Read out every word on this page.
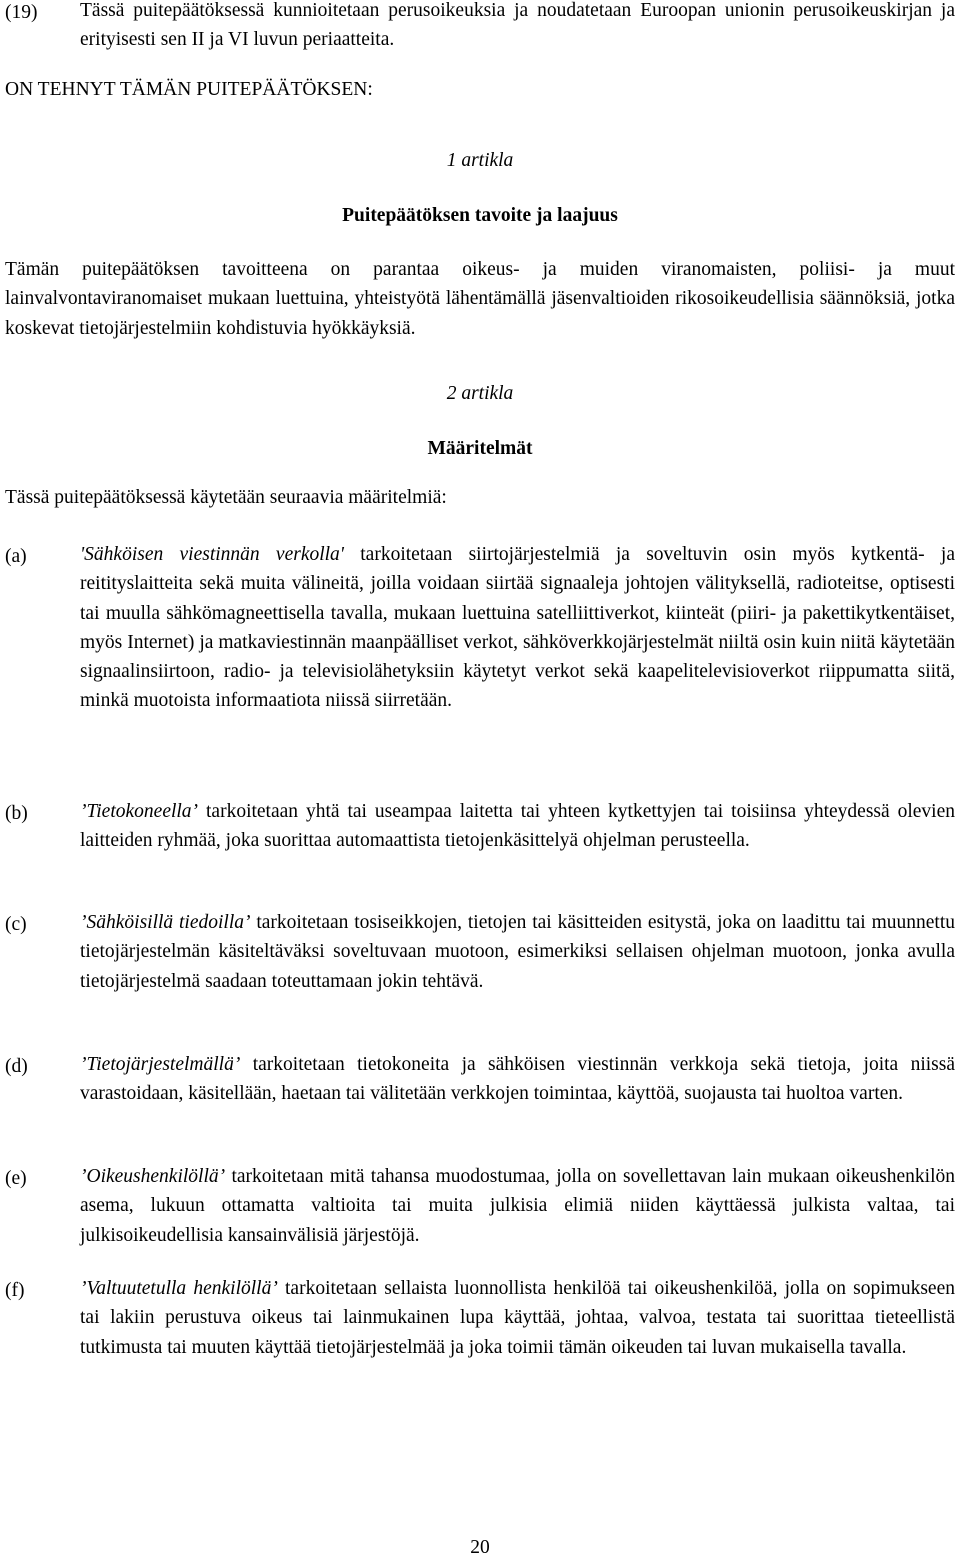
(19) Tässä puitepäätöksessä kunnioitetaan perusoikeuksia ja noudatetaan Euroopan unionin perusoikeuskirjan ja erityisesti sen II ja VI luvun periaatteita.
ON TEHNYT TÄMÄN PUITEPÄÄTÖKSEN:
1 artikla
Puitepäätöksen tavoite ja laajuus
Tämän puitepäätöksen tavoitteena on parantaa oikeus- ja muiden viranomaisten, poliisi- ja muut lainvalvontaviranomaiset mukaan luettuina, yhteistyötä lähentämällä jäsenvaltioiden rikosoikeudellisia säännöksiä, jotka koskevat tietojärjestelmiin kohdistuvia hyökkäyksiä.
2 artikla
Määritelmät
Tässä puitepäätöksessä käytetään seuraavia määritelmiä:
(a)	'Sähköisen viestinnän verkolla' tarkoitetaan siirtojärjestelmiä ja soveltuvin osin myös kytkentä- ja reitityslaitteita sekä muita välineitä, joilla voidaan siirtää signaaleja johtojen välityksellä, radioteitse, optisesti tai muulla sähkömagneettisella tavalla, mukaan luettuina satelliittiverkot, kiinteät (piiri- ja pakettikytkentäiset, myös Internet) ja matkaviestinnän maanpäälliset verkot, sähköverkkojärjestelmät niiltä osin kuin niitä käytetään signaalinsiirtoon, radio- ja televisiolähetyksiin käytetyt verkot sekä kaapelitelevisioverkot riippumatta siitä, minkä muotoista informaatiota niissä siirretään.
(b)	’Tietokoneella’ tarkoitetaan yhtä tai useampaa laitetta tai yhteen kytkettyjen tai toisiinsa yhteydessä olevien laitteiden ryhmää, joka suorittaa automaattista tietojenkäsittelyä ohjelman perusteella.
(c)	’Sähköisillä tiedoilla’ tarkoitetaan tosiseikkojen, tietojen tai käsitteiden esitystä, joka on laadittu tai muunnettu tietojärjestelmän käsiteltäväksi soveltuvaan muotoon, esimerkiksi sellaisen ohjelman muotoon, jonka avulla tietojärjestelmä saadaan toteuttamaan jokin tehtävä.
(d)	’Tietojärjestelmällä’ tarkoitetaan tietokoneita ja sähköisen viestinnän verkkoja sekä tietoja, joita niissä varastoidaan, käsitellään, haetaan tai välitetään verkkojen toimintaa, käyttöä, suojausta tai huoltoa varten.
(e)	’Oikeushenkilöllä’ tarkoitetaan mitä tahansa muodostumaa, jolla on sovellettavan lain mukaan oikeushenkilön asema, lukuun ottamatta valtioita tai muita julkisia elimiä niiden käyttäessä julkista valtaa, tai julkisoikeudellisia kansainvälisiä järjestöjä.
(f)	’Valtuutetulla henkilöllä’ tarkoitetaan sellaista luonnollista henkilöä tai oikeushenkilöä, jolla on sopimukseen tai lakiin perustuva oikeus tai lainmukainen lupa käyttää, johtaa, valvoa, testata tai suorittaa tieteellistä tutkimusta tai muuten käyttää tietojärjestelmää ja joka toimii tämän oikeuden tai luvan mukaisella tavalla.
20
